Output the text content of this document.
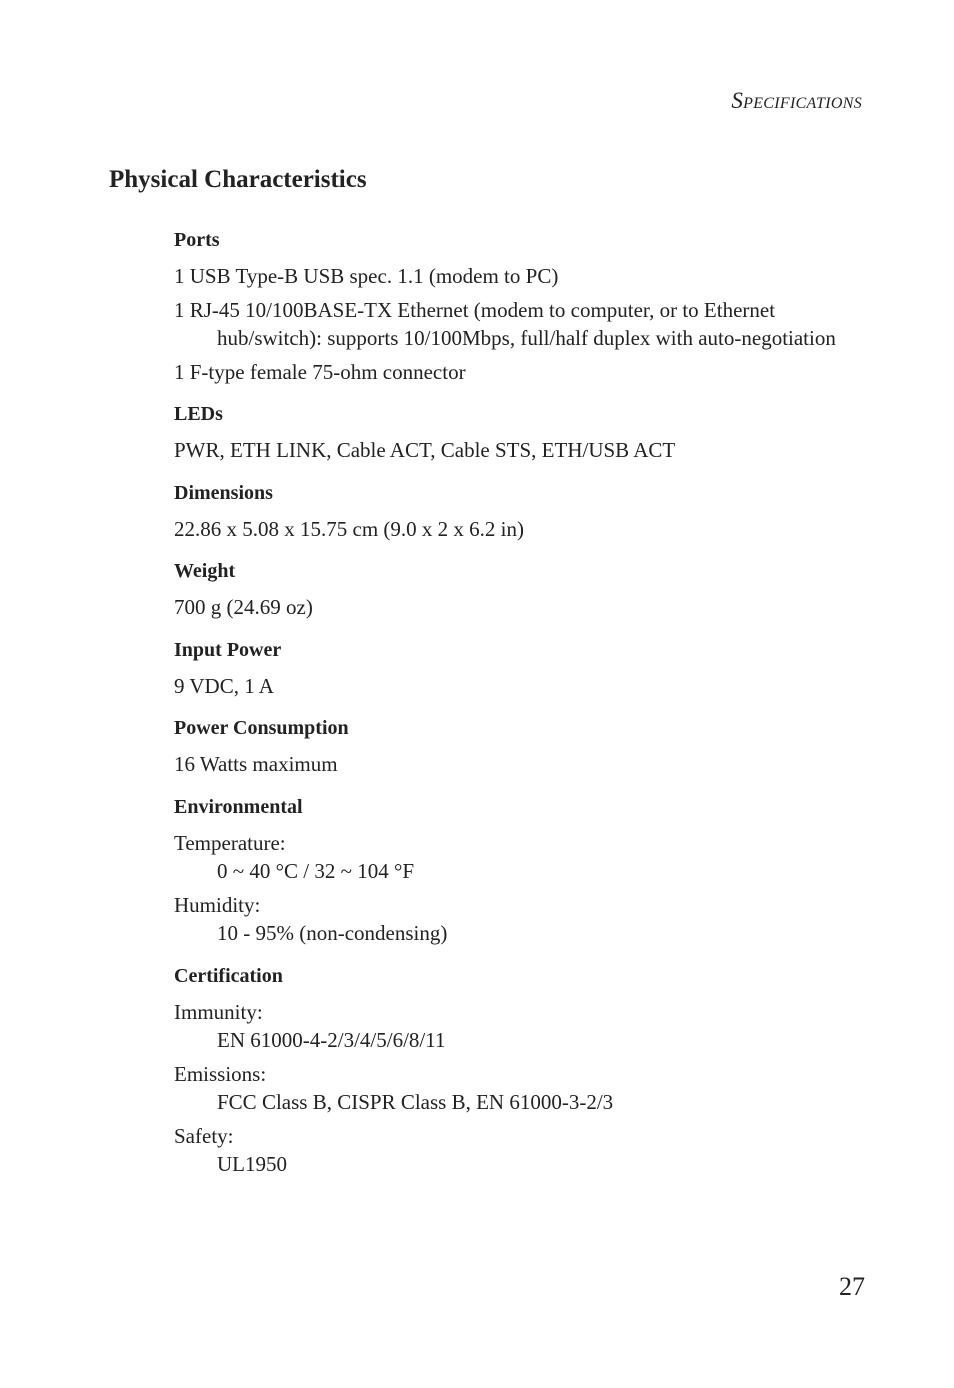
SPECIFICATIONS
Physical Characteristics
Ports
1 USB Type-B USB spec. 1.1 (modem to PC)
1 RJ-45 10/100BASE-TX Ethernet (modem to computer, or to Ethernet hub/switch): supports 10/100Mbps, full/half duplex with auto-negotiation
1 F-type female 75-ohm connector
LEDs
PWR, ETH LINK, Cable ACT, Cable STS, ETH/USB ACT
Dimensions
22.86 x 5.08 x 15.75 cm (9.0 x 2 x 6.2 in)
Weight
700 g (24.69 oz)
Input Power
9 VDC, 1 A
Power Consumption
16 Watts maximum
Environmental
Temperature:
0 ~ 40 °C / 32 ~ 104 °F
Humidity:
10 - 95% (non-condensing)
Certification
Immunity:
EN 61000-4-2/3/4/5/6/8/11
Emissions:
FCC Class B, CISPR Class B, EN 61000-3-2/3
Safety:
UL1950
27
